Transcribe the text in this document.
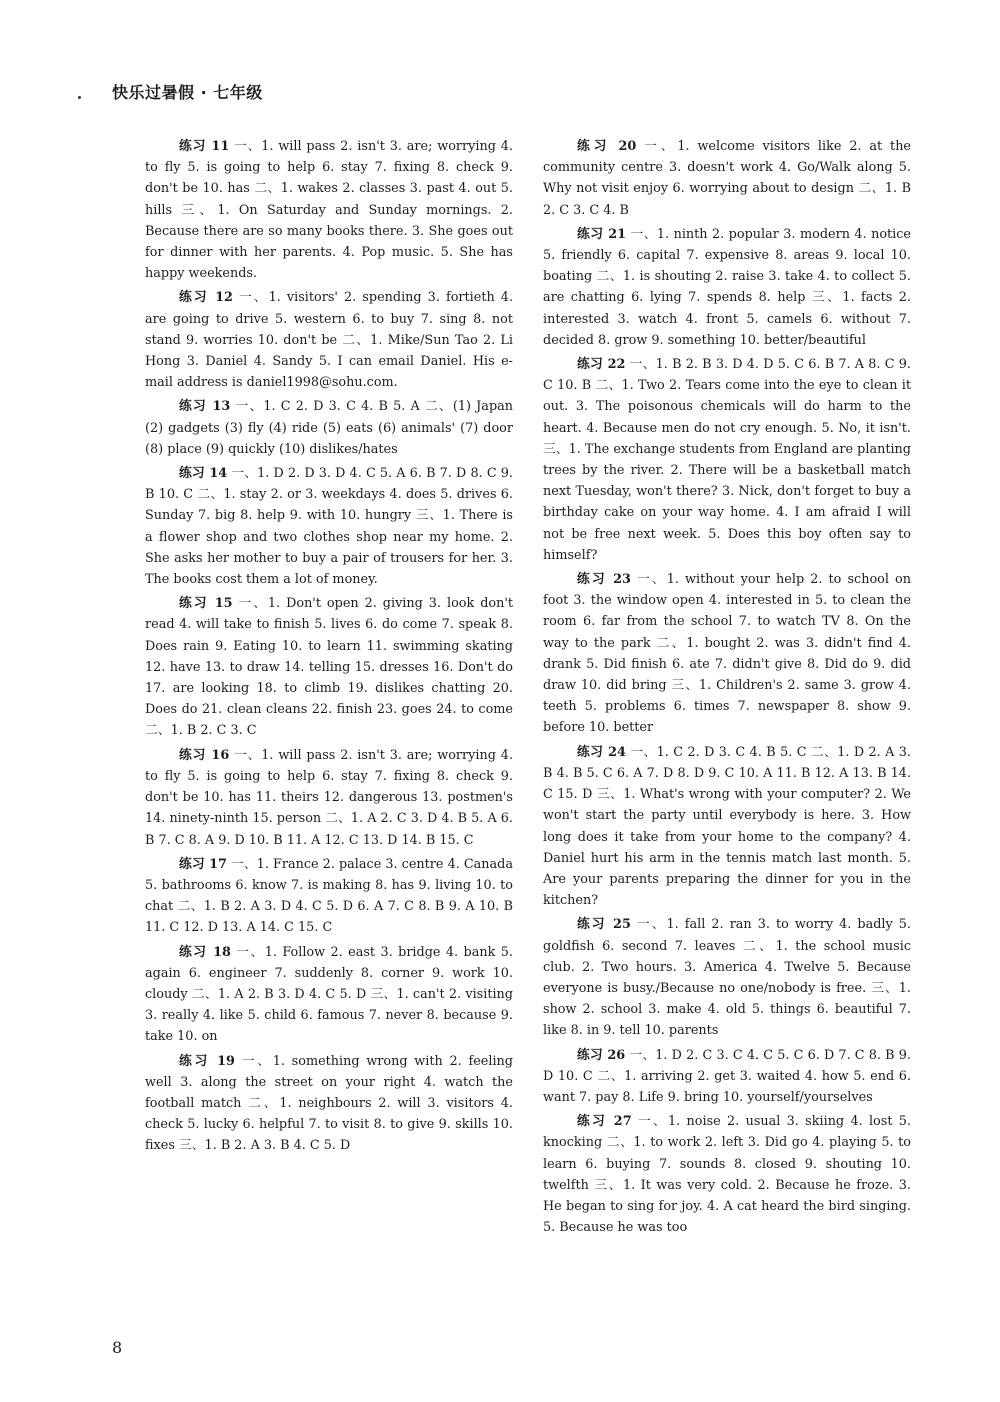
快乐过暑假 · 七年级

练习 11 一、1. will pass 2. isn't 3. are; worrying 4. to fly 5. is going to help 6. stay 7. fixing 8. check 9. don't be 10. has 二、1. wakes 2. classes 3. past 4. out 5. hills 三、1. On Saturday and Sunday mornings. 2. Because there are so many books there. 3. She goes out for dinner with her parents. 4. Pop music. 5. She has happy weekends.

练习 12 一、1. visitors' 2. spending 3. fortieth 4. are going to drive 5. western 6. to buy 7. sing 8. not stand 9. worries 10. don't be 二、1. Mike/Sun Tao 2. Li Hong 3. Daniel 4. Sandy 5. I can email Daniel. His e-mail address is daniel1998@sohu.com.

练习 13 一、1. C 2. D 3. C 4. B 5. A 二、(1) Japan (2) gadgets (3) fly (4) ride (5) eats (6) animals' (7) door (8) place (9) quickly (10) dislikes/hates

练习 14 一、1. D 2. D 3. D 4. C 5. A 6. B 7. D 8. C 9. B 10. C 二、1. stay 2. or 3. weekdays 4. does 5. drives 6. Sunday 7. big 8. help 9. with 10. hungry 三、1. There is a flower shop and two clothes shop near my home. 2. She asks her mother to buy a pair of trousers for her. 3. The books cost them a lot of money.

练习 15 一、1. Don't open 2. giving 3. look don't read 4. will take to finish 5. lives 6. do come 7. speak 8. Does rain 9. Eating 10. to learn 11. swimming skating 12. have 13. to draw 14. telling 15. dresses 16. Don't do 17. are looking 18. to climb 19. dislikes chatting 20. Does do 21. clean cleans 22. finish 23. goes 24. to come 二、1. B 2. C 3. C

练习 16 一、1. will pass 2. isn't 3. are; worrying 4. to fly 5. is going to help 6. stay 7. fixing 8. check 9. don't be 10. has 11. theirs 12. dangerous 13. postmen's 14. ninety-ninth 15. person 二、1. A 2. C 3. D 4. B 5. A 6. B 7. C 8. A 9. D 10. B 11. A 12. C 13. D 14. B 15. C

练习 17 一、1. France 2. palace 3. centre 4. Canada 5. bathrooms 6. know 7. is making 8. has 9. living 10. to chat 二、1. B 2. A 3. D 4. C 5. D 6. A 7. C 8. B 9. A 10. B 11. C 12. D 13. A 14. C 15. C

练习 18 一、1. Follow 2. east 3. bridge 4. bank 5. again 6. engineer 7. suddenly 8. corner 9. work 10. cloudy 二、1. A 2. B 3. D 4. C 5. D 三、1. can't 2. visiting 3. really 4. like 5. child 6. famous 7. never 8. because 9. take 10. on

练习 19 一、1. something wrong with 2. feeling well 3. along the street on your right 4. watch the football match 二、1. neighbours 2. will 3. visitors 4. check 5. lucky 6. helpful 7. to visit 8. to give 9. skills 10. fixes 三、1. B 2. A 3. B 4. C 5. D

练习 20 一、1. welcome visitors like 2. at the community centre 3. doesn't work 4. Go/Walk along 5. Why not visit enjoy 6. worrying about to design 二、1. B 2. C 3. C 4. B

练习 21 一、1. ninth 2. popular 3. modern 4. notice 5. friendly 6. capital 7. expensive 8. areas 9. local 10. boating 二、1. is shouting 2. raise 3. take 4. to collect 5. are chatting 6. lying 7. spends 8. help 三、1. facts 2. interested 3. watch 4. front 5. camels 6. without 7. decided 8. grow 9. something 10. better/beautiful

练习 22 一、1. B 2. B 3. D 4. D 5. C 6. B 7. A 8. C 9. C 10. B 二、1. Two 2. Tears come into the eye to clean it out. 3. The poisonous chemicals will do harm to the heart. 4. Because men do not cry enough. 5. No, it isn't. 三、1. The exchange students from England are planting trees by the river. 2. There will be a basketball match next Tuesday, won't there? 3. Nick, don't forget to buy a birthday cake on your way home. 4. I am afraid I will not be free next week. 5. Does this boy often say to himself?

练习 23 一、1. without your help 2. to school on foot 3. the window open 4. interested in 5. to clean the room 6. far from the school 7. to watch TV 8. On the way to the park 二、1. bought 2. was 3. didn't find 4. drank 5. Did finish 6. ate 7. didn't give 8. Did do 9. did draw 10. did bring 三、1. Children's 2. same 3. grow 4. teeth 5. problems 6. times 7. newspaper 8. show 9. before 10. better

练习 24 一、1. C 2. D 3. C 4. B 5. C 二、1. D 2. A 3. B 4. B 5. C 6. A 7. D 8. D 9. C 10. A 11. B 12. A 13. B 14. C 15. D 三、1. What's wrong with your computer? 2. We won't start the party until everybody is here. 3. How long does it take from your home to the company? 4. Daniel hurt his arm in the tennis match last month. 5. Are your parents preparing the dinner for you in the kitchen?

练习 25 一、1. fall 2. ran 3. to worry 4. badly 5. goldfish 6. second 7. leaves 二、1. the school music club. 2. Two hours. 3. America 4. Twelve 5. Because everyone is busy./Because no one/nobody is free. 三、1. show 2. school 3. make 4. old 5. things 6. beautiful 7. like 8. in 9. tell 10. parents

练习 26 一、1. D 2. C 3. C 4. C 5. C 6. D 7. C 8. B 9. D 10. C 二、1. arriving 2. get 3. waited 4. how 5. end 6. want 7. pay 8. Life 9. bring 10. yourself/yourselves

练习 27 一、1. noise 2. usual 3. skiing 4. lost 5. knocking 二、1. to work 2. left 3. Did go 4. playing 5. to learn 6. buying 7. sounds 8. closed 9. shouting 10. twelfth 三、1. It was very cold. 2. Because he froze. 3. He began to sing for joy. 4. A cat heard the bird singing. 5. Because he was too

8
